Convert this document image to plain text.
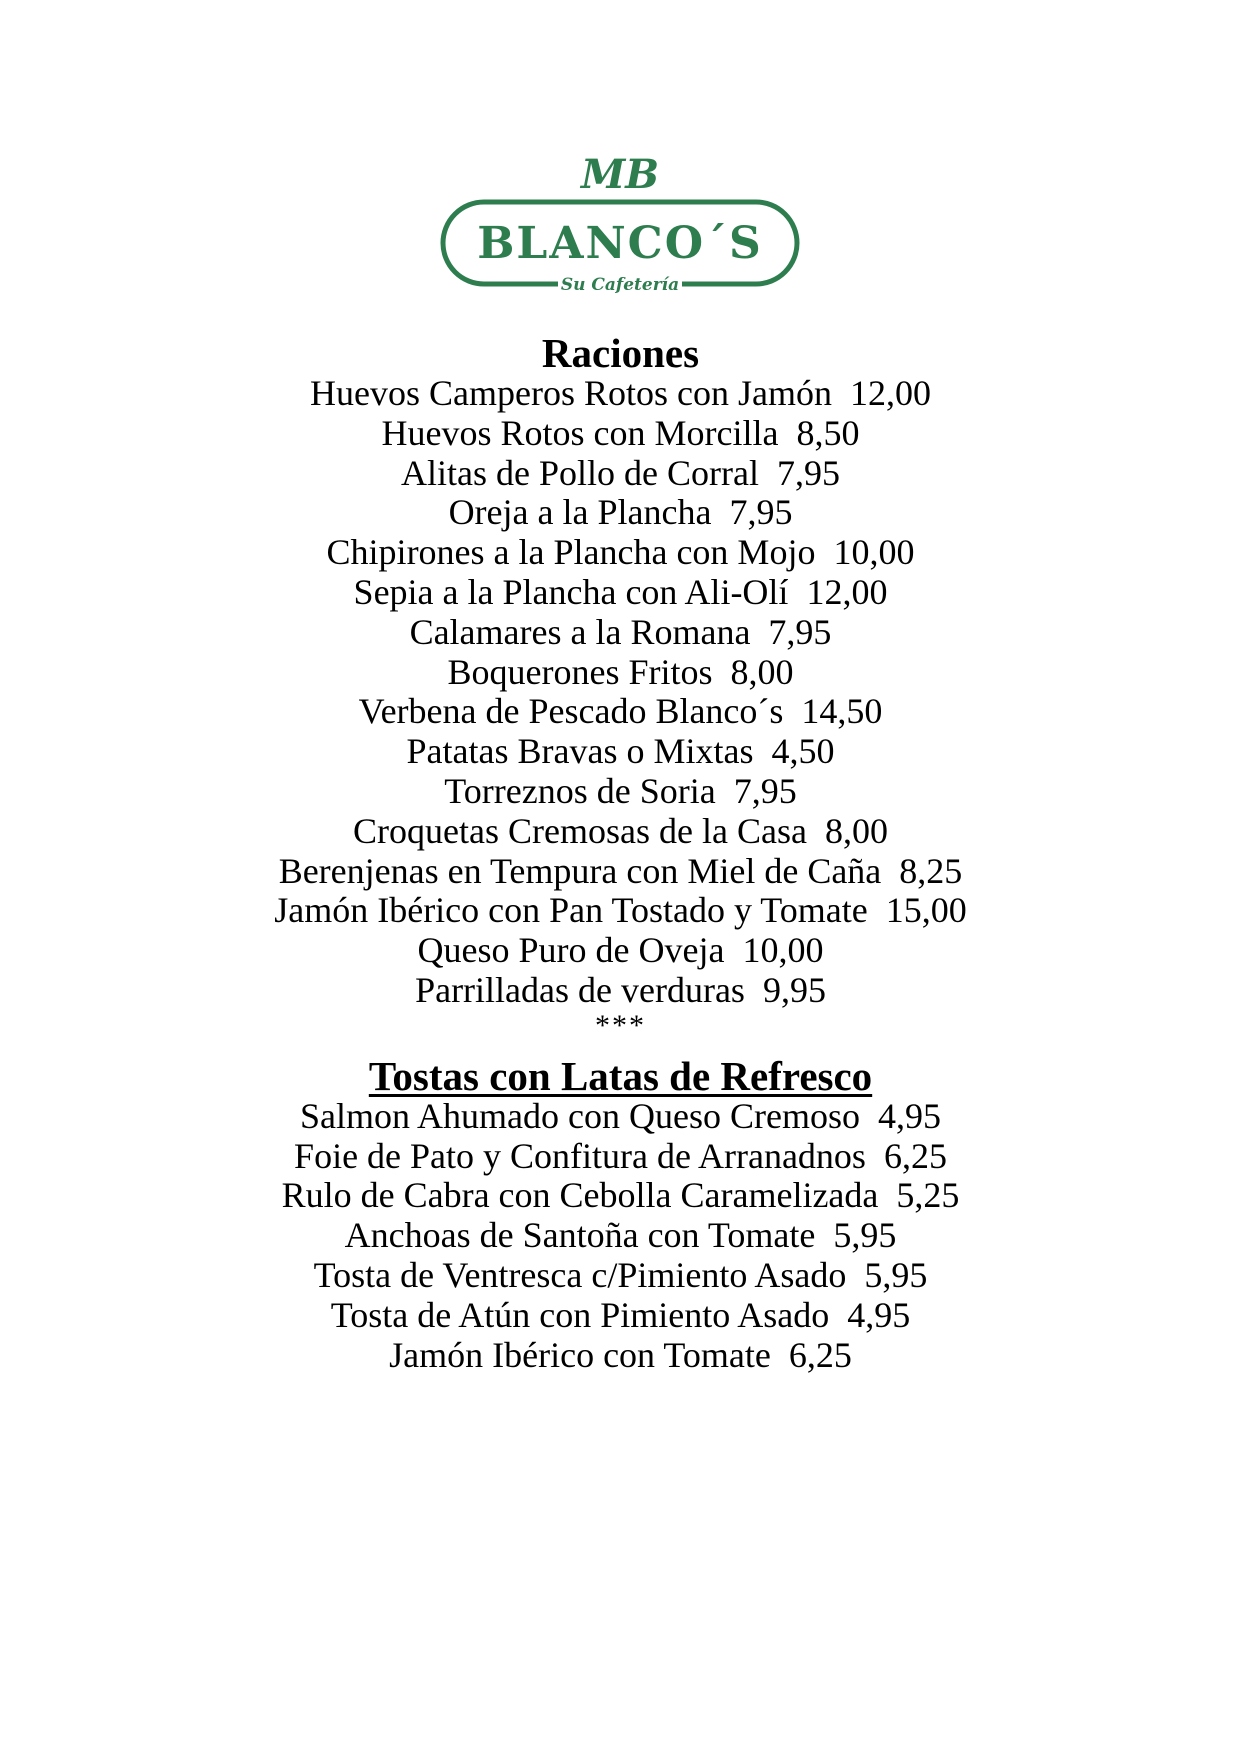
MB
BLANCO´S
Su Cafetería
Raciones
Huevos Camperos Rotos con Jamón 12,00
Huevos Rotos con Morcilla 8,50
Alitas de Pollo de Corral 7,95
Oreja a la Plancha 7,95
Chipirones a la Plancha con Mojo 10,00
Sepia a la Plancha con Ali-Olí 12,00
Calamares a la Romana 7,95
Boquerones Fritos 8,00
Verbena de Pescado Blanco´s 14,50
Patatas Bravas o Mixtas 4,50
Torreznos de Soria 7,95
Croquetas Cremosas de la Casa 8,00
Berenjenas en Tempura con Miel de Caña 8,25
Jamón Ibérico con Pan Tostado y Tomate 15,00
Queso Puro de Oveja 10,00
Parrilladas de verduras 9,95
***
Tostas con Latas de Refresco
Salmon Ahumado con Queso Cremoso 4,95
Foie de Pato y Confitura de Arranadnos 6,25
Rulo de Cabra con Cebolla Caramelizada 5,25
Anchoas de Santoña con Tomate 5,95
Tosta de Ventresca c/Pimiento Asado 5,95
Tosta de Atún con Pimiento Asado 4,95
Jamón Ibérico con Tomate 6,25
